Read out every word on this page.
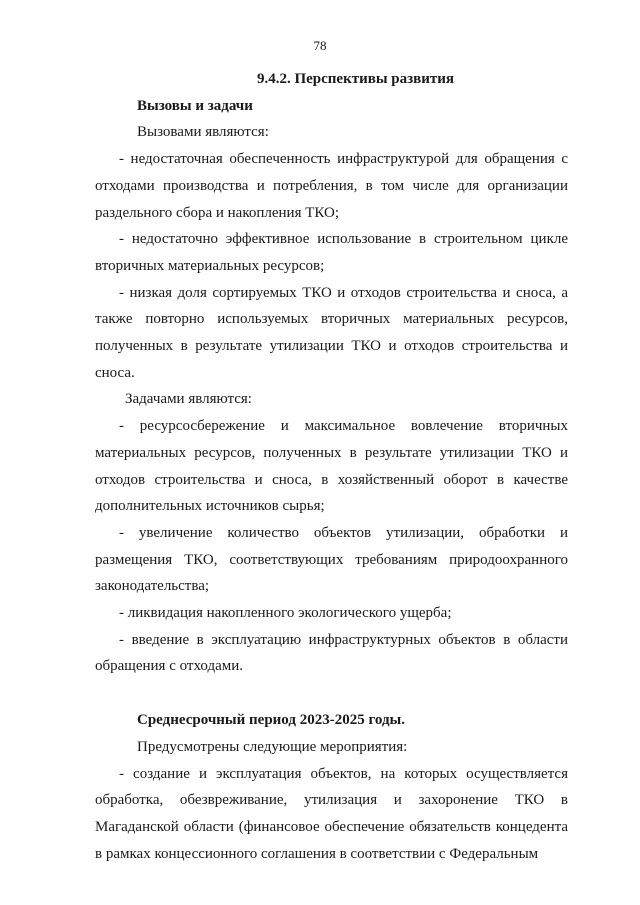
78

9.4.2. Перспективы развития

Вызовы и задачи

Вызовами являются:

- недостаточная обеспеченность инфраструктурой для обращения с отходами производства и потребления, в том числе для организации раздельного сбора и накопления ТКО;

- недостаточно эффективное использование в строительном цикле вторичных материальных ресурсов;

- низкая доля сортируемых ТКО и отходов строительства и сноса, а также повторно используемых вторичных материальных ресурсов, полученных в результате утилизации ТКО и отходов строительства и сноса.

Задачами являются:

- ресурсосбережение и максимальное вовлечение вторичных материальных ресурсов, полученных в результате утилизации ТКО и отходов строительства и сноса, в хозяйственный оборот в качестве дополнительных источников сырья;

- увеличение количество объектов утилизации, обработки и размещения ТКО, соответствующих требованиям природоохранного законодательства;

- ликвидация накопленного экологического ущерба;

- введение в эксплуатацию инфраструктурных объектов в области обращения с отходами.

Среднесрочный период 2023-2025 годы.

Предусмотрены следующие мероприятия:

- создание и эксплуатация объектов, на которых осуществляется обработка, обезвреживание, утилизация и захоронение ТКО в Магаданской области (финансовое обеспечение обязательств концедента в рамках концессионного соглашения в соответствии с Федеральным
